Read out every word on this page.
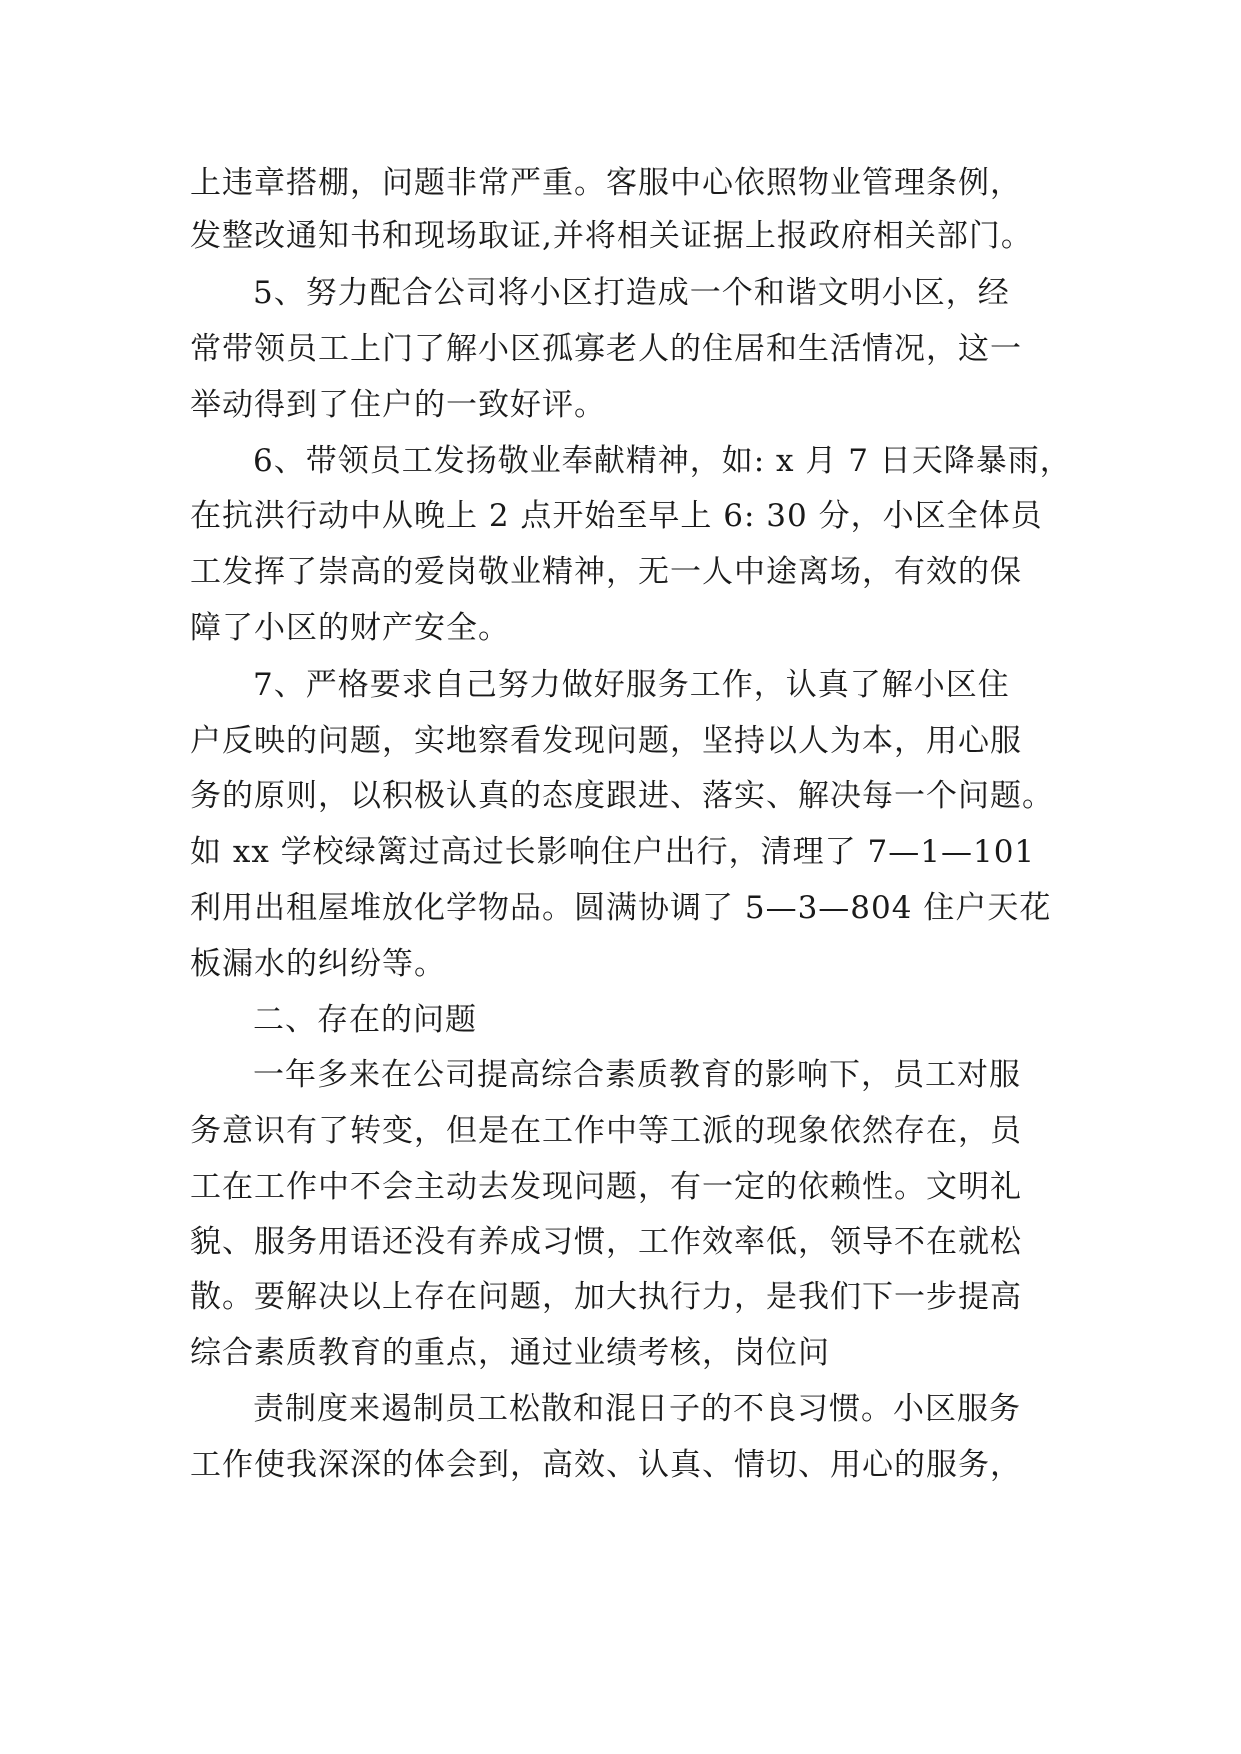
上违章搭棚，问题非常严重。客服中心依照物业管理条例，
发整改通知书和现场取证,并将相关证据上报政府相关部门。
5、努力配合公司将小区打造成一个和谐文明小区，经
常带领员工上门了解小区孤寡老人的住居和生活情况，这一
举动得到了住户的一致好评。
6、带领员工发扬敬业奉献精神，如: x 月 7 日天降暴雨，
在抗洪行动中从晚上 2 点开始至早上 6: 30 分，小区全体员
工发挥了崇高的爱岗敬业精神，无一人中途离场，有效的保
障了小区的财产安全。
7、严格要求自己努力做好服务工作，认真了解小区住
户反映的问题，实地察看发现问题，坚持以人为本，用心服
务的原则，以积极认真的态度跟进、落实、解决每一个问题。
如 xx 学校绿篱过高过长影响住户出行，清理了 7—1—101
利用出租屋堆放化学物品。圆满协调了 5—3—804 住户天花
板漏水的纠纷等。
二、存在的问题
一年多来在公司提高综合素质教育的影响下，员工对服
务意识有了转变，但是在工作中等工派的现象依然存在，员
工在工作中不会主动去发现问题，有一定的依赖性。文明礼
貌、服务用语还没有养成习惯，工作效率低，领导不在就松
散。要解决以上存在问题，加大执行力，是我们下一步提高
综合素质教育的重点，通过业绩考核，岗位问
责制度来遏制员工松散和混日子的不良习惯。小区服务
工作使我深深的体会到，高效、认真、情切、用心的服务，
